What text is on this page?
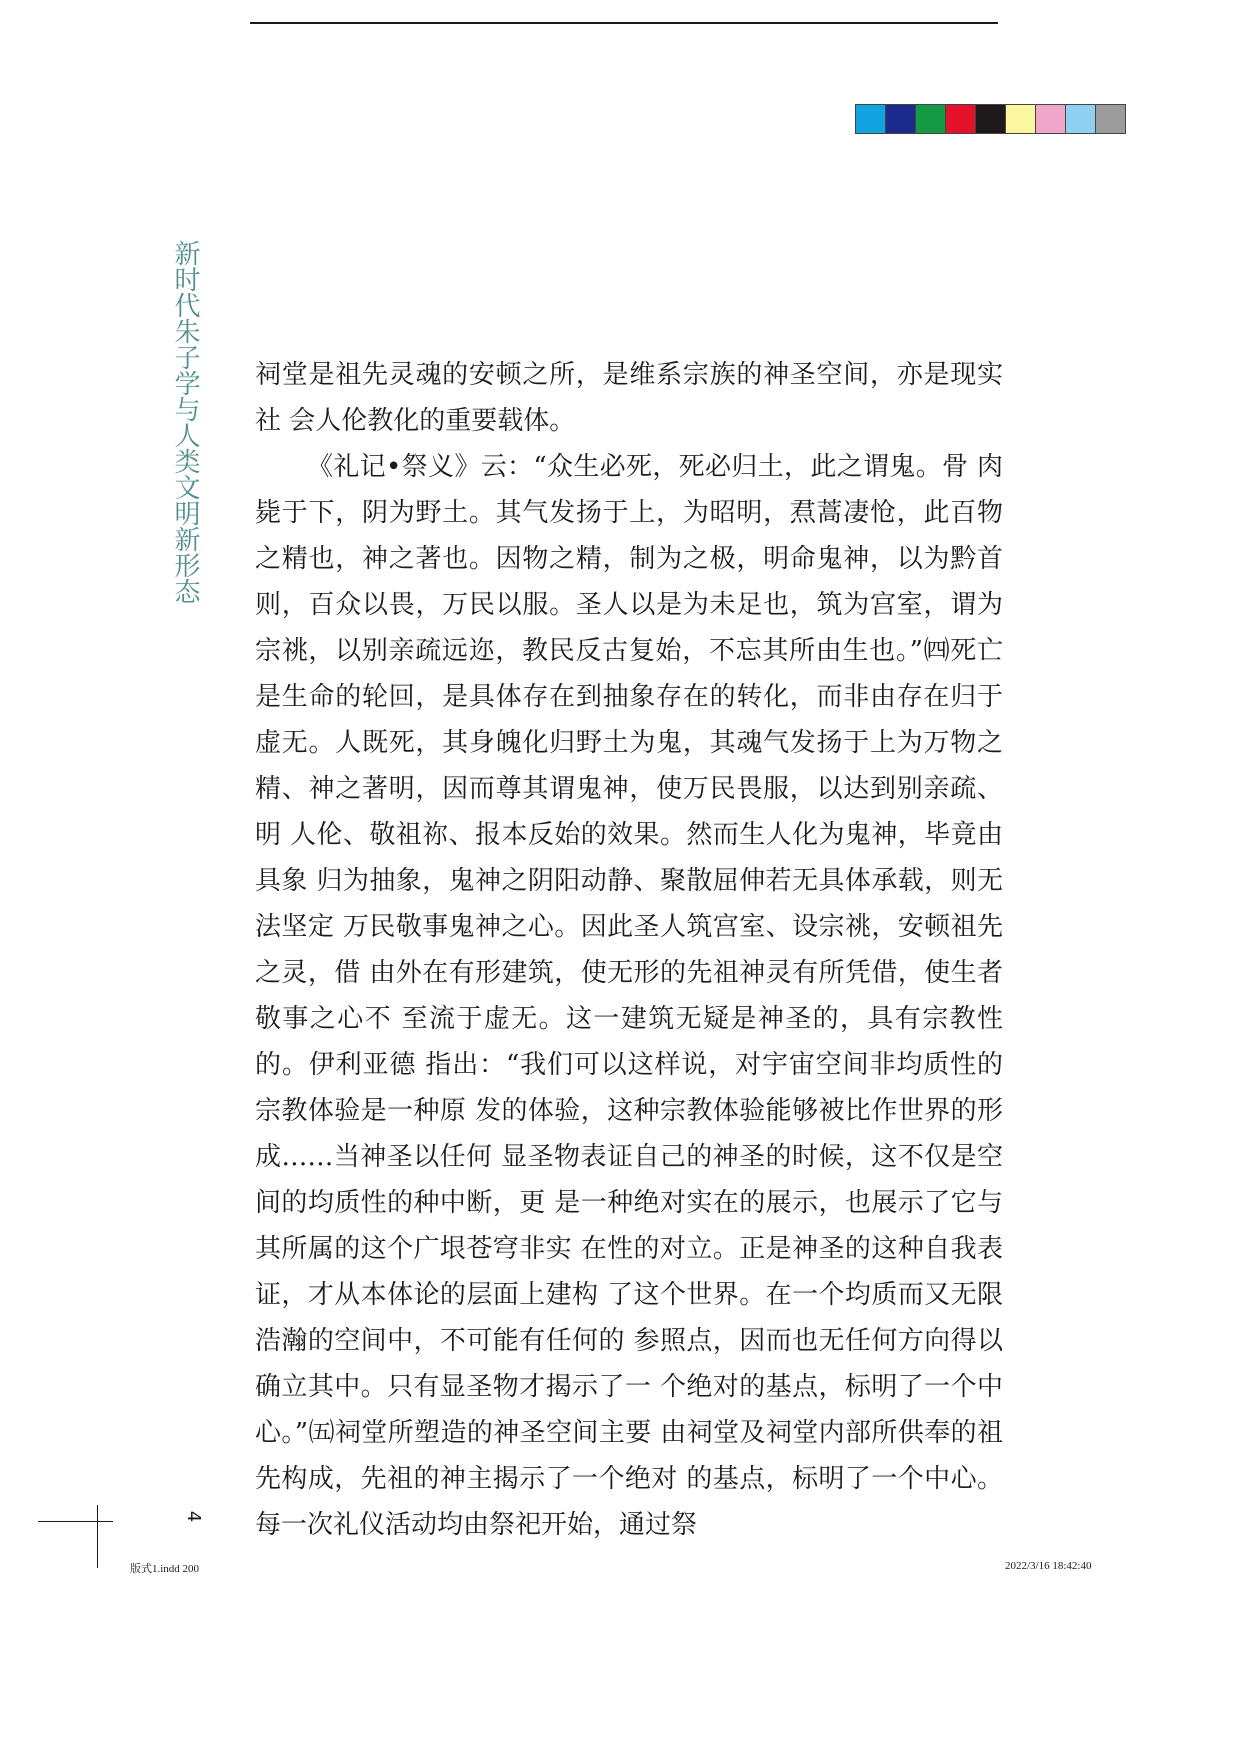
新时代朱子学与人类文明新形态 祠堂是祖先灵魂的安顿之所，是维系宗族的神圣空间，亦是现实社 会人伦教化的重要载体。

《礼记•祭义》云：“众生必死，死必归土，此之谓鬼。骨 肉毙于下，阴为野土。其气发扬于上，为昭明，焄蒿凄怆，此百物 之精也，神之著也。因物之精，制为之极，明命鬼神，以为黔首 则，百众以畏，万民以服。圣人以是为未足也，筑为宫室，谓为 宗祧，以别亲疏远迩，教民反古复始，不忘其所由生也。”㈣死亡 是生命的轮回，是具体存在到抽象存在的转化，而非由存在归于 虚无。人既死，其身魄化归野土为鬼，其魂气发扬于上为万物之 精、神之著明，因而尊其谓鬼神，使万民畏服，以达到别亲疏、明 人伦、敬祖祢、报本反始的效果。然而生人化为鬼神，毕竟由具象 归为抽象，鬼神之阴阳动静、聚散屈伸若无具体承载，则无法坚定 万民敬事鬼神之心。因此圣人筑宫室、设宗祧，安顿祖先之灵，借 由外在有形建筑，使无形的先祖神灵有所凭借，使生者敬事之心不 至流于虚无。这一建筑无疑是神圣的，具有宗教性的。伊利亚德 指出：“我们可以这样说，对宇宙空间非均质性的宗教体验是一种原 发的体验，这种宗教体验能够被比作世界的形成……当神圣以任何 显圣物表证自己的神圣的时候，这不仅是空间的均质性的种中断，更 是一种绝对实在的展示，也展示了它与其所属的这个广垠苍穹非实 在性的对立。正是神圣的这种自我表证，才从本体论的层面上建构 了这个世界。在一个均质而又无限浩瀚的空间中，不可能有任何的 参照点，因而也无任何方向得以确立其中。只有显圣物才揭示了一 个绝对的基点，标明了一个中心。”㈤祠堂所塑造的神圣空间主要 由祠堂及祠堂内部所供奉的祖先构成，先祖的神主揭示了一个绝对 的基点，标明了一个中心。每一次礼仪活动均由祭祀开始，通过祭

4
版式1.indd 200	2022/3/16 18:42:40
